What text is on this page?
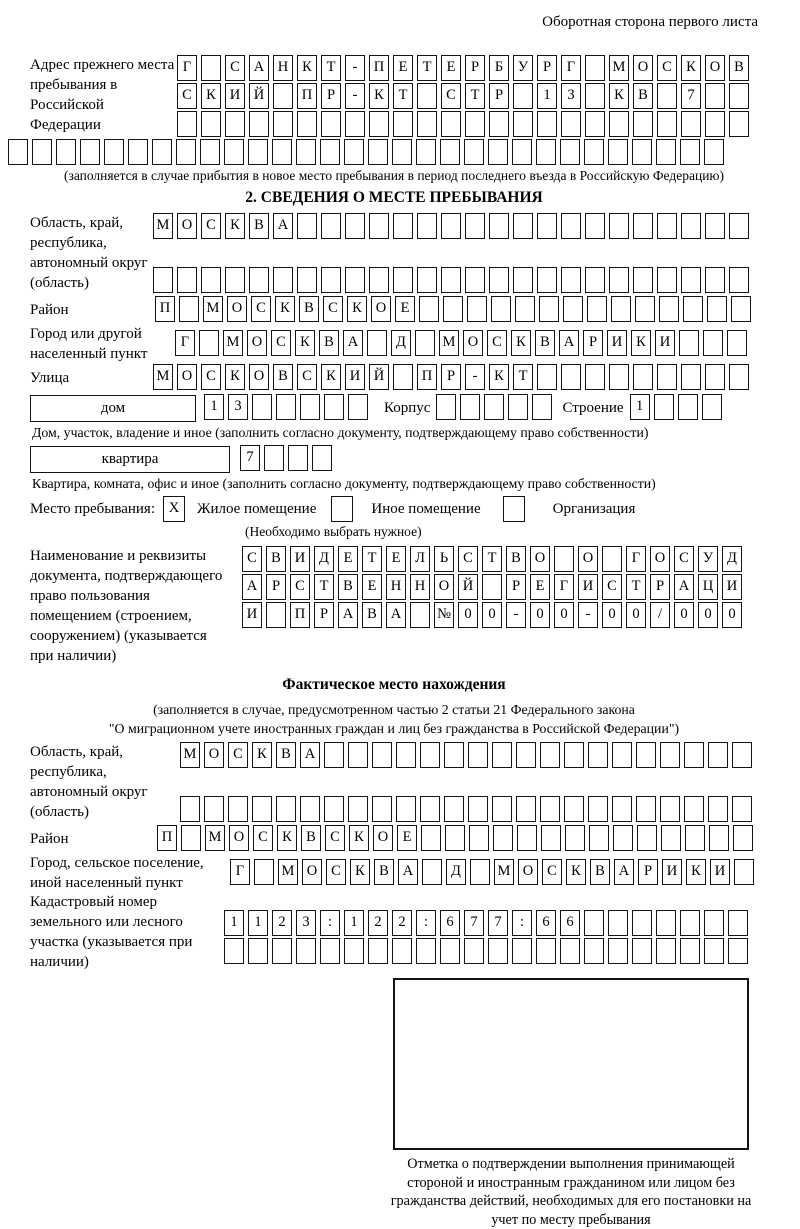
Оборотная сторона первого листа
Адрес прежнего места пребывания в Российской Федерации
Г	С А Н К Т - П Е Т Е Р Б У Р Г	М О С К О В
С К И Й	П Р - К Т	С Т Р	1 3	К В	7
(заполняется в случае прибытия в новое место пребывания в период последнего въезда в Российскую Федерацию)
2. СВЕДЕНИЯ О МЕСТЕ ПРЕБЫВАНИЯ
Область, край, республика, автономный округ (область)
М О С К В А
Район	П	М О С К В С К О Е
Город или другой населенный пункт
Г	М О С К В А	Д	М О С К В А Р И К И
Улица	М О С К О В С К И Й	П Р - К Т
дом	1 3	Корпус	Строение 1
Дом, участок, владение и иное (заполнить согласно документу, подтверждающему право собственности)
квартира	7
Квартира, комната, офис и иное (заполнить согласно документу, подтверждающему право собственности)
Место пребывания: X	Жилое помещение	Иное помещение	Организация
(Необходимо выбрать нужное)
Наименование и реквизиты документа, подтверждающего право пользования помещением (строением, сооружением) (указывается при наличии)
С В И Д Е Т Е Л Ь С Т В О	О	Г О С У Д
А Р С Т В Е Н Н О Й	Р Е Г И С Т Р А Ц И
И	П Р А В А № 0 0 - 0 0 - 0 0 / 0 0 0
Фактическое место нахождения
(заполняется в случае, предусмотренном частью 2 статьи 21 Федерального закона
"О миграционном учете иностранных граждан и лиц без гражданства в Российской Федерации")
Область, край, республика, автономный округ (область)
М О С К В А
Район	П	М О С К В С К О Е
Город, сельское поселение, иной населенный пункт
Г	М О С К В А	Д	М О С К В А Р И К И
Кадастровый номер земельного или лесного участка (указывается при наличии)
1 1 2 3 : 1 2 2 : 6 7 7 : 6 6
Отметка о подтверждении выполнения принимающей стороной и иностранным гражданином или лицом без гражданства действий, необходимых для его постановки на учет по месту пребывания
